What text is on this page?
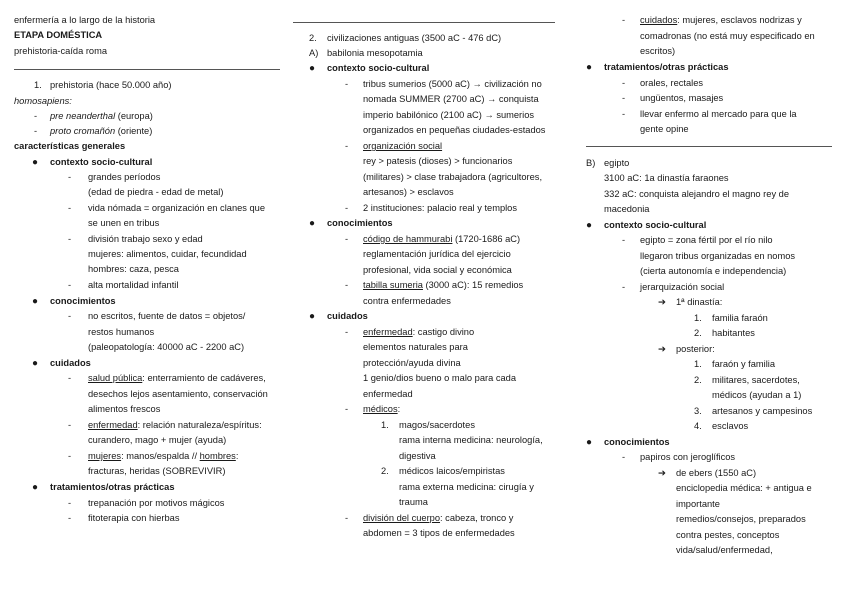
enfermería a lo largo de la historia
ETAPA DOMÉSTICA
prehistoria-caída roma
1. prehistoria (hace 50.000 año)
homosapiens:
- pre neanderthal (europa)
- proto cromañón (oriente)
características generales
● contexto socio-cultural
- grandes períodos
(edad de piedra - edad de metal)
- vida nómada = organización en clanes que
se unen en tribus
- división trabajo sexo y edad
mujeres: alimentos, cuidar, fecundidad
hombres: caza, pesca
- alta mortalidad infantil
● conocimientos
- no escritos, fuente de datos = objetos/
restos humanos
(paleopatología: 40000 aC - 2200 aC)
● cuidados
- salud pública: enterramiento de cadáveres,
desechos lejos asentamiento, conservación
alimentos frescos
- enfermedad: relación naturaleza/espíritus:
curandero, mago + mujer (ayuda)
- mujeres: manos/espalda // hombres:
fracturas, heridas (SOBREVIVIR)
● tratamientos/otras prácticas
- trepanación por motivos mágicos
- fitoterapia con hierbas
2. civilizaciones antiguas (3500 aC - 476 dC)
A) babilonia mesopotamia
● contexto socio-cultural
- tribus sumerios (5000 aC) → civilización no
nomada SUMMER (2700 aC) → conquista
imperio babilónico (2100 aC) → sumerios
organizados en pequeñas ciudades-estados
- organización social
rey > patesis (dioses) > funcionarios
(militares) > clase trabajadora (agricultores,
artesanos) > esclavos
- 2 instituciones: palacio real y templos
● conocimientos
- código de hammurabi (1720-1686 aC)
reglamentación jurídica del ejercicio
profesional, vida social y económica
- tabilla sumeria (3000 aC): 15 remedios
contra enfermedades
● cuidados
- enfermedad: castigo divino
elementos naturales para
protección/ayuda divina
1 genio/dios bueno o malo para cada
enfermedad
- médicos:
1. magos/sacerdotes
rama interna medicina: neurología,
digestiva
2. médicos laicos/empiristas
rama externa medicina: cirugía y
trauma
- división del cuerpo: cabeza, tronco y
abdomen = 3 tipos de enfermedades
- cuidados: mujeres, esclavos nodrizas y
comadronas (no está muy especificado en
escritos)
● tratamientos/otras prácticas
- orales, rectales
- ungüentos, masajes
- llevar enfermo al mercado para que la
gente opine
B) egipto
3100 aC: 1a dinastía faraones
332 aC: conquista alejandro el magno rey de
macedonia
● contexto socio-cultural
- egipto = zona fértil por el río nilo
llegaron tribus organizadas en nomos
(cierta autonomía e independencia)
- jerarquización social
➔ 1ª dinastía:
1. familia faraón
2. habitantes
➔ posterior:
1. faraón y familia
2. militares, sacerdotes,
médicos (ayudan a 1)
3. artesanos y campesinos
4. esclavos
● conocimientos
- papiros con jeroglíficos
➔ de ebers (1550 aC)
enciclopedia médica: + antigua e
importante
remedios/consejos, preparados
contra pestes, conceptos
vida/salud/enfermedad,
